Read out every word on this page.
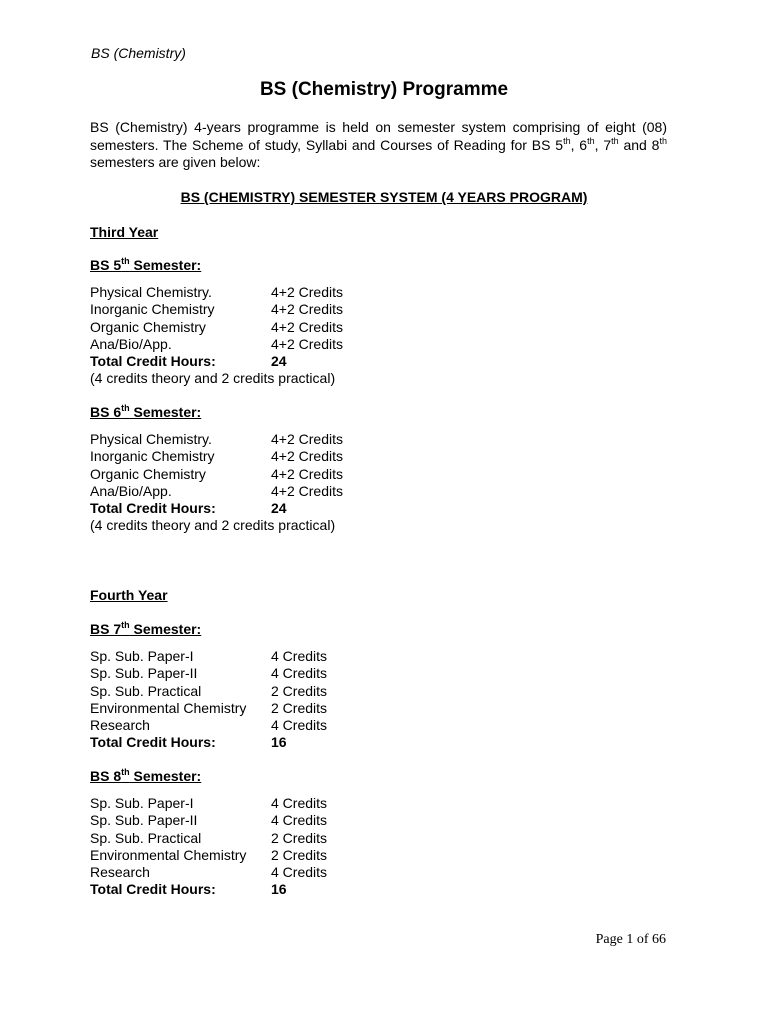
BS (Chemistry)
BS (Chemistry) Programme

BS (Chemistry) 4-years programme is held on semester system comprising of eight (08) semesters. The Scheme of study, Syllabi and Courses of Reading for BS 5th, 6th, 7th and 8th semesters are given below:

BS (CHEMISTRY) SEMESTER SYSTEM (4 YEARS PROGRAM)
Third Year
BS 5th Semester:
Physical Chemistry.	4+2 Credits
Inorganic Chemistry	4+2 Credits
Organic Chemistry	4+2 Credits
Ana/Bio/App.	4+2 Credits
Total Credit Hours:	24
(4 credits theory and 2 credits practical)
BS 6th Semester:
Physical Chemistry.	4+2 Credits
Inorganic Chemistry	4+2 Credits
Organic Chemistry	4+2 Credits
Ana/Bio/App.	4+2 Credits
Total Credit Hours:	24
(4 credits theory and 2 credits practical)
Fourth Year
BS 7th Semester:
Sp. Sub. Paper-I	4 Credits
Sp. Sub. Paper-II	4 Credits
Sp. Sub. Practical	2 Credits
Environmental Chemistry	2 Credits
Research	4 Credits
Total Credit Hours:	16
BS 8th Semester:
Sp. Sub. Paper-I	4 Credits
Sp. Sub. Paper-II	4 Credits
Sp. Sub. Practical	2 Credits
Environmental Chemistry	2 Credits
Research	4 Credits
Total Credit Hours:	16
Page 1 of 66
